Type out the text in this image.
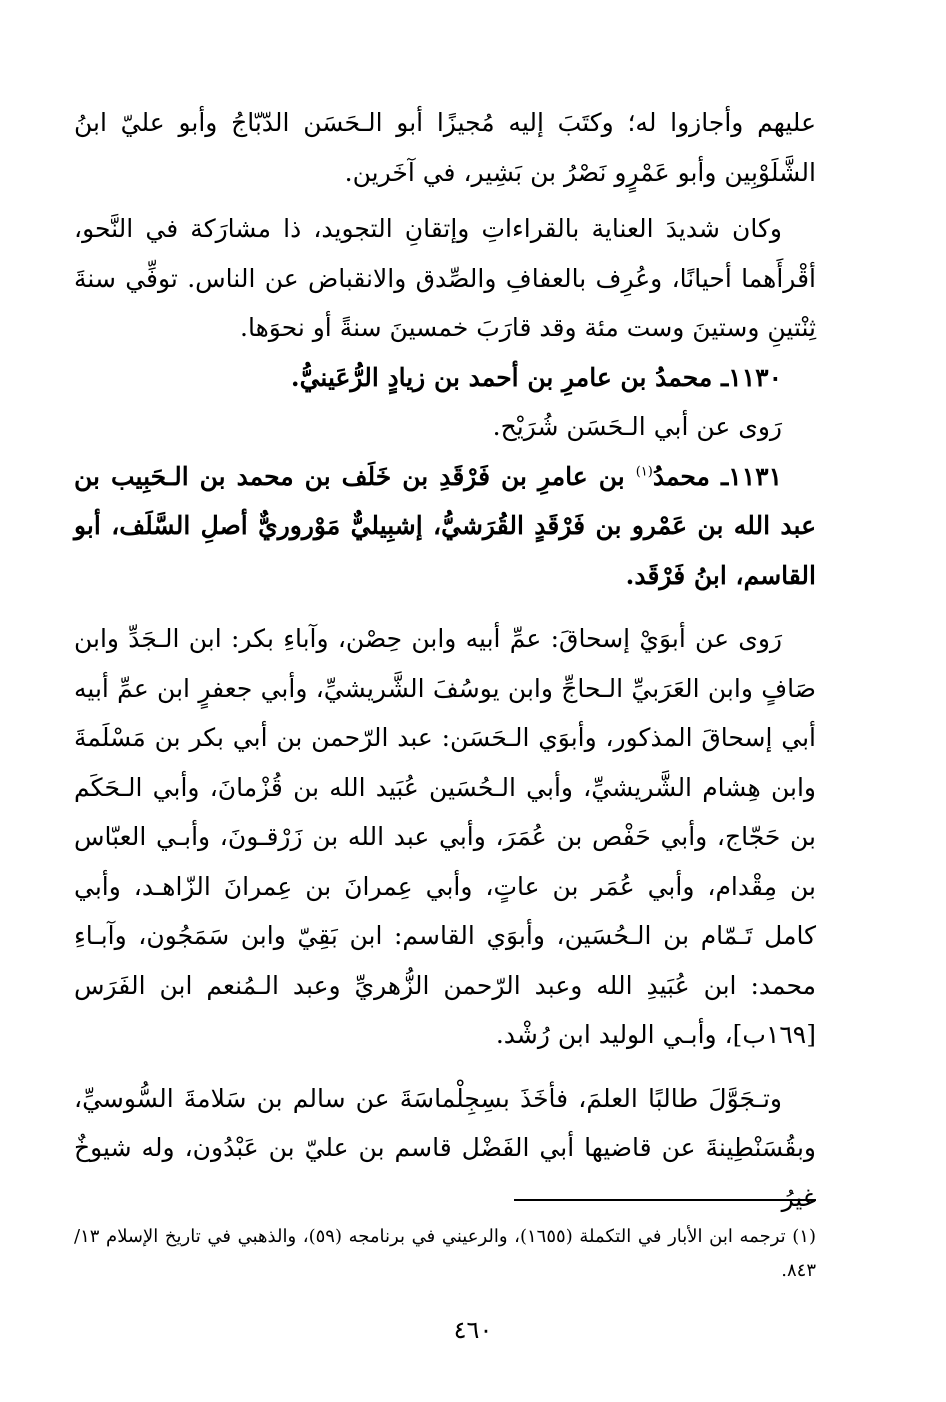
عليهم وأجازوا له؛ وكتَبَ إليه مُجيزًا أبو الـحَسَن الدّبّاجُ وأبو عليّ ابنُ الشَّلَوْبِين وأبو عَمْرٍو نَصْرُ بن بَشِير، في آخَرين.

وكان شديدَ العناية بالقراءاتِ وإتقانِ التجويد، ذا مشارَكة في النَّحو، أقْرأَهما أحيانًا، وعُرِف بالعفافِ والصِّدق والانقباض عن الناس. توفِّي سنةَ ثِنْتينِ وستينَ وست مئة وقد قارَبَ خمسينَ سنةً أو نحوَها.

١١٣٠ـ محمدُ بن عامرِ بن أحمد بن زيادٍ الرُّعَينيُّ.

رَوى عن أبي الـحَسَن شُرَيْح.

١١٣١ـ محمدُ$^{(١)}$ بن عامرِ بن فَرْقَدِ بن خَلَف بن محمد بن الـحَبِيب بن عبد الله بن عَمْرو بن فَرْقَدٍ القُرَشيُّ، إشبِيليٌّ مَوْروريٌّ أصلِ السَّلَف، أبو القاسم، ابنُ فَرْقَد.

رَوى عن أبوَيْ إسحاقَ: عمِّ أبيه وابن حِصْن، وآباءِ بكر: ابن الـجَدِّ وابن صَافٍ وابن العَرَبيِّ الـحاجِّ وابن يوسُفَ الشَّريشيِّ، وأبي جعفرٍ ابن عمِّ أبيه أبي إسحاقَ المذكور، وأبوَي الـحَسَن: عبد الرّحمن بن أبي بكر بن مَسْلَمةَ وابن هِشام الشَّريشيِّ، وأبي الـحُسَين عُبَيد الله بن قُزْمانَ، وأبي الـحَكَم بن حَجّاج، وأبي حَفْص بن عُمَرَ، وأبي عبد الله بن زَرْقـونَ، وأبـي العبّاس بن مِقْدام، وأبي عُمَر بن عاتٍ، وأبي عِمرانَ بن عِمرانَ الزّاهـد، وأبي كامل تَـمّام بن الـحُسَين، وأبوَي القاسم: ابن بَقِيّ وابن سَمَجُون، وآبـاءِ محمد: ابن عُبَيدِ الله وعبد الرّحمن الزُّهريِّ وعبد الـمُنعم ابن الفَرَس [١٦٩ب]، وأبـي الوليد ابن رُشْد.

وتـجَوَّلَ طالبًا العلمَ، فأخَذَ بسِجِلْماسَةَ عن سالم بن سَلامةَ السُّوسيِّ، وبقُسَنْطِينةَ عن قاضيها أبي الفَضْل قاسم بن عليّ بن عَبْدُون، وله شيوخٌ غيرُ

(١) ترجمه ابن الأبار في التكملة (١٦٥٥)، والرعيني في برنامجه (٥٩)، والذهبي في تاريخ الإسلام ١٣/ ٨٤٣.

٤٦٠
